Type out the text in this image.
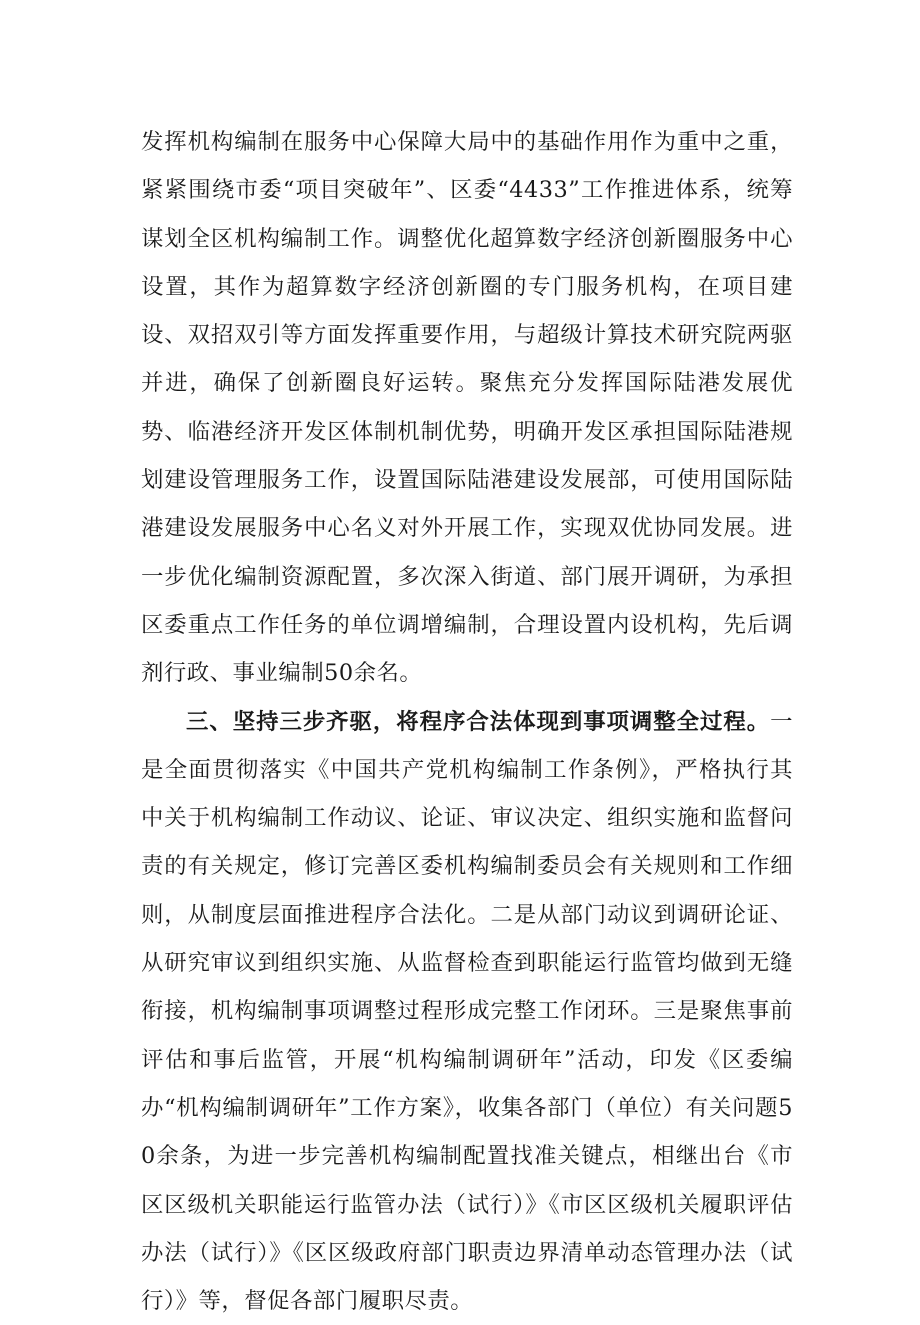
发挥机构编制在服务中心保障大局中的基础作用作为重中之重，紧紧围绕市委“项目突破年”、区委“4433”工作推进体系，统筹谋划全区机构编制工作。调整优化超算数字经济创新圈服务中心设置，其作为超算数字经济创新圈的专门服务机构，在项目建设、双招双引等方面发挥重要作用，与超级计算技术研究院两驱并进，确保了创新圈良好运转。聚焦充分发挥国际陆港发展优势、临港经济开发区体制机制优势，明确开发区承担国际陆港规划建设管理服务工作，设置国际陆港建设发展部，可使用国际陆港建设发展服务中心名义对外开展工作，实现双优协同发展。进一步优化编制资源配置，多次深入街道、部门展开调研，为承担区委重点工作任务的单位调增编制，合理设置内设机构，先后调剂行政、事业编制50余名。

三、坚持三步齐驱，将程序合法体现到事项调整全过程。一是全面贯彻落实《中国共产党机构编制工作条例》，严格执行其中关于机构编制工作动议、论证、审议决定、组织实施和监督问责的有关规定，修订完善区委机构编制委员会有关规则和工作细则，从制度层面推进程序合法化。二是从部门动议到调研论证、从研究审议到组织实施、从监督检查到职能运行监管均做到无缝衔接，机构编制事项调整过程形成完整工作闭环。三是聚焦事前评估和事后监管，开展“机构编制调研年”活动，印发《区委编办“机构编制调研年”工作方案》，收集各部门（单位）有关问题50余条，为进一步完善机构编制配置找准关键点，相继出台《市区区级机关职能运行监管办法（试行）》《市区区级机关履职评估办法（试行）》《区区级政府部门职责边界清单动态管理办法（试行）》等，督促各部门履职尽责。
